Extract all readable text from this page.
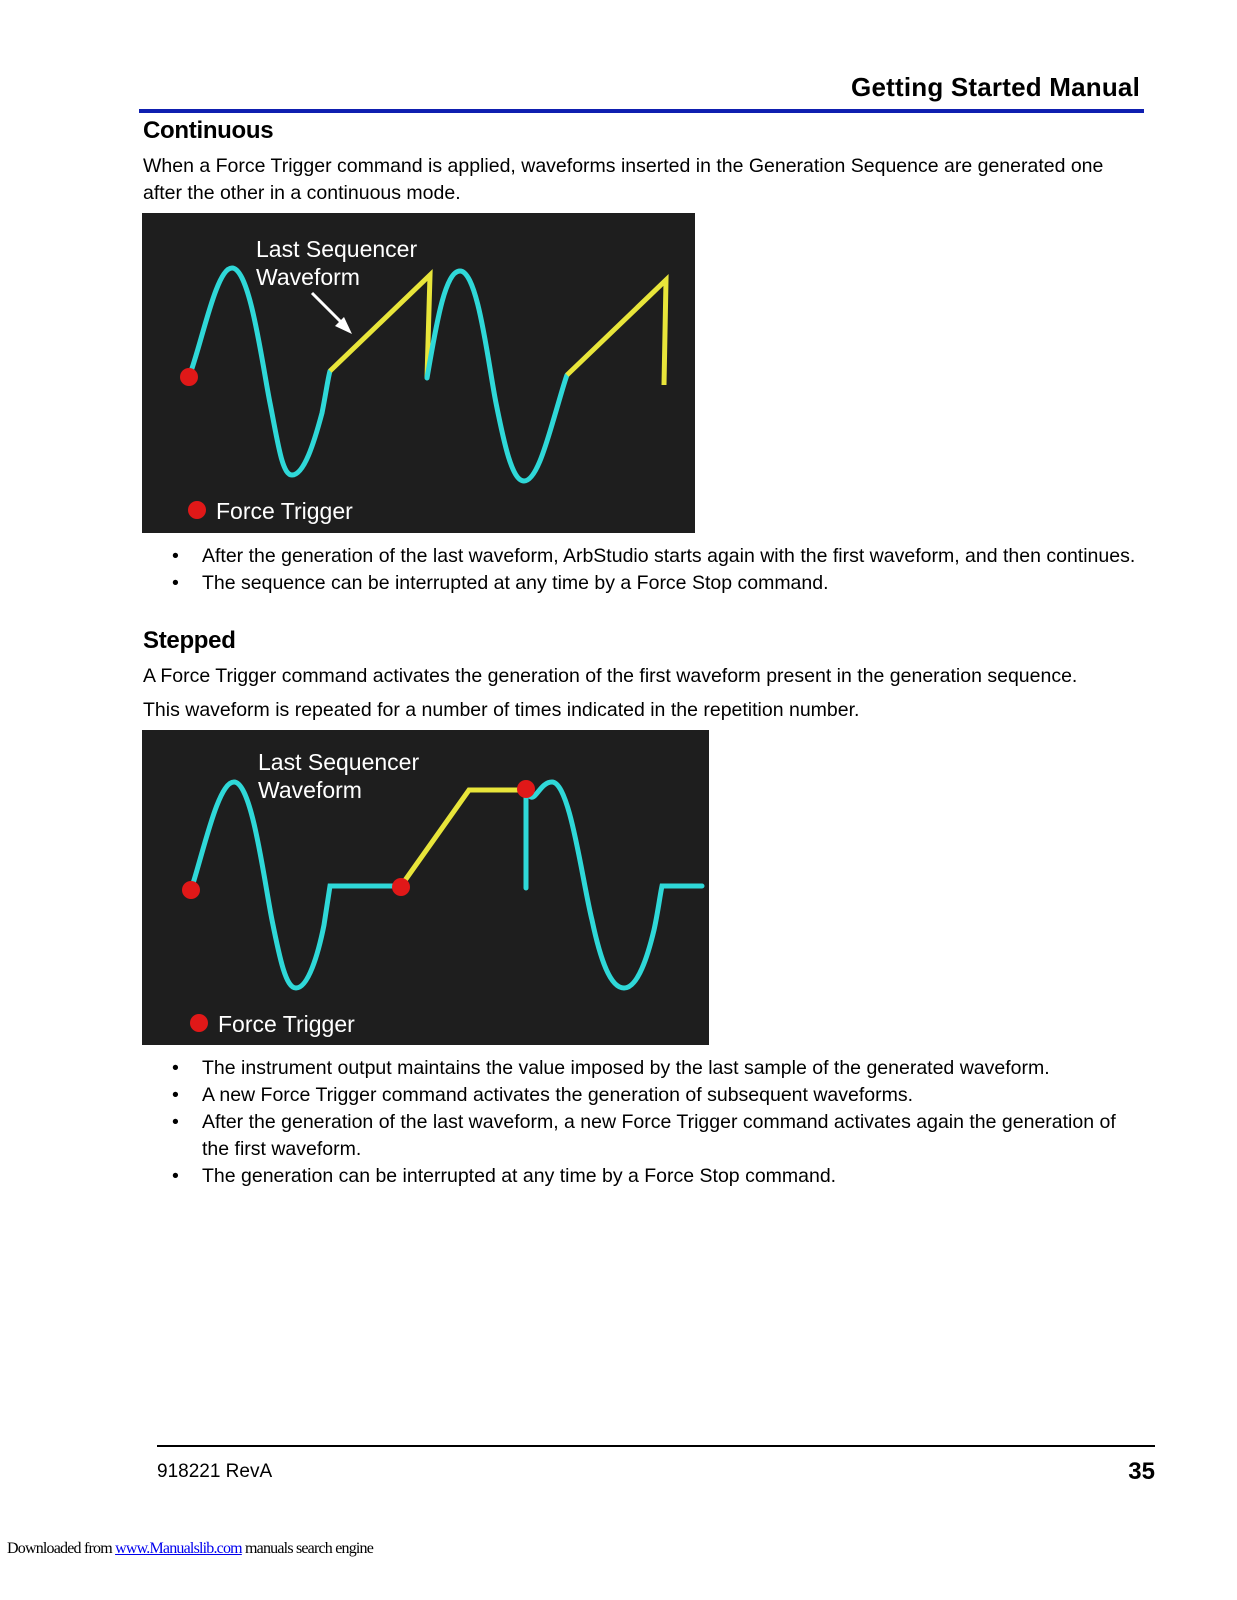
Getting Started Manual
Continuous
When a Force Trigger command is applied, waveforms inserted in the Generation Sequence are generated one after the other in a continuous mode.
Last Sequencer
Waveform
Force Trigger
•	After the generation of the last waveform, ArbStudio starts again with the first waveform, and then continues.
•	The sequence can be interrupted at any time by a Force Stop command.
Stepped
A Force Trigger command activates the generation of the first waveform present in the generation sequence.
This waveform is repeated for a number of times indicated in the repetition number.
Last Sequencer
Waveform
Force Trigger
•	The instrument output maintains the value imposed by the last sample of the generated waveform.
•	A new Force Trigger command activates the generation of subsequent waveforms.
•	After the generation of the last waveform, a new Force Trigger command activates again the generation of the first waveform.
•	The generation can be interrupted at any time by a Force Stop command.
918221 RevA	35
Downloaded from www.Manualslib.com manuals search engine
